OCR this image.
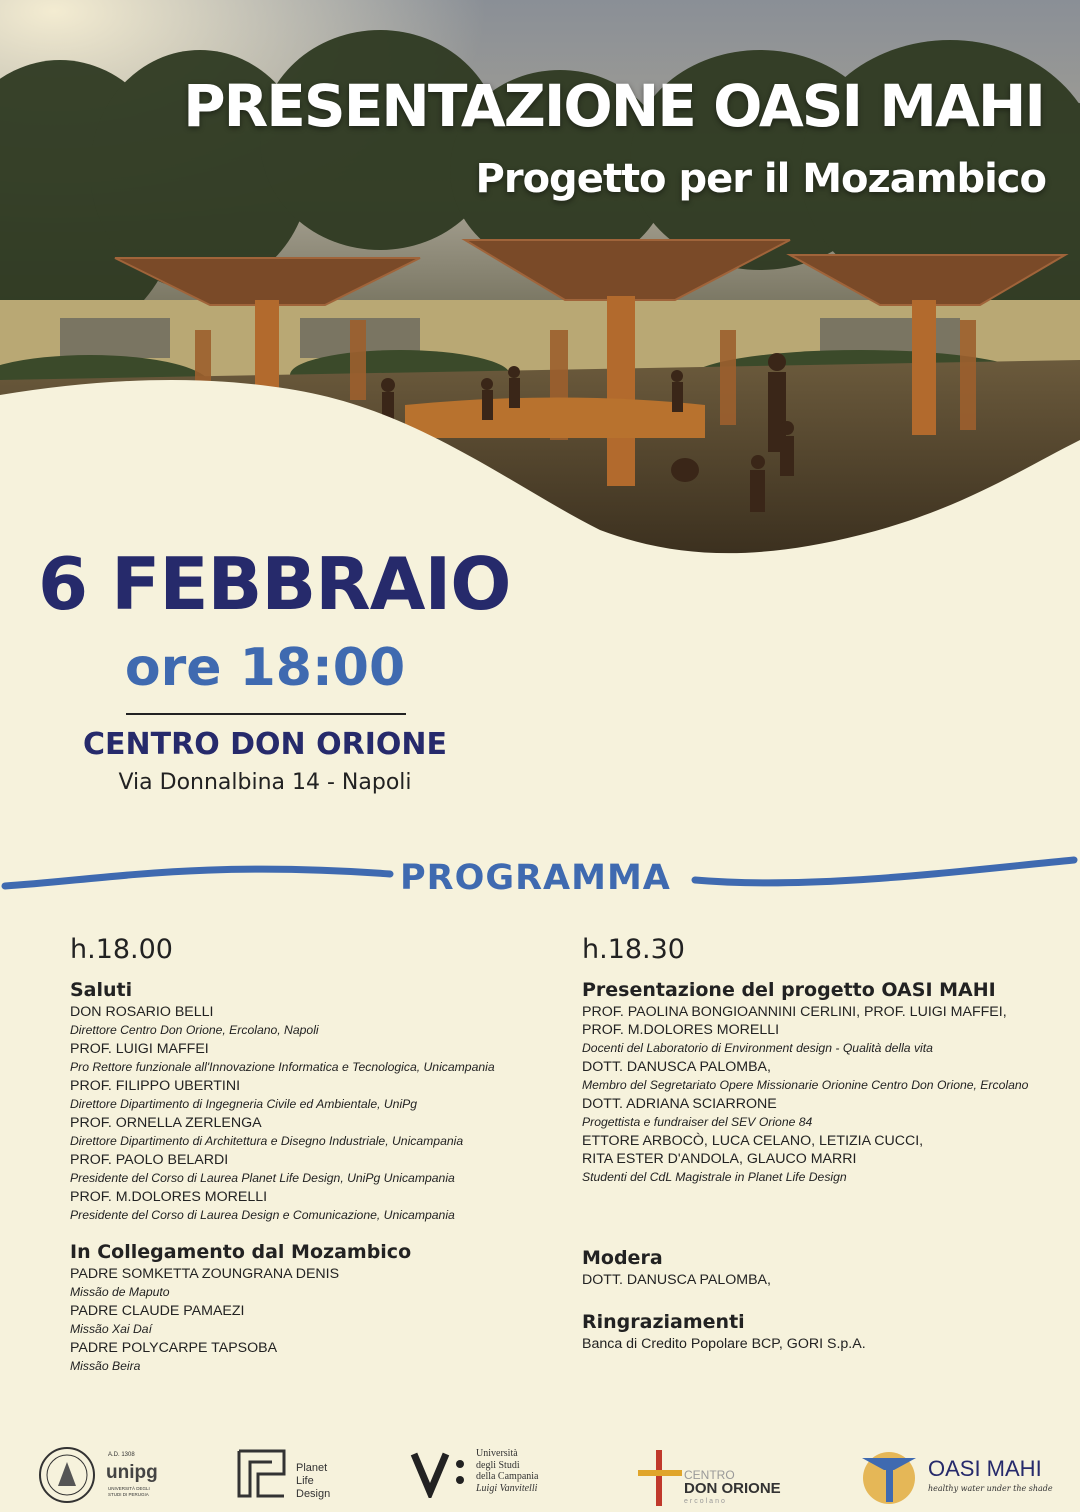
PRESENTAZIONE OASI MAHI
Progetto per il Mozambico
6 FEBBRAIO
ore 18:00
CENTRO DON ORIONE
Via Donnalbina 14 - Napoli
PROGRAMMA
h.18.00
Saluti
DON ROSARIO BELLI
Direttore Centro Don Orione, Ercolano, Napoli
PROF. LUIGI MAFFEI
Pro Rettore funzionale all'Innovazione Informatica e Tecnologica, Unicampania
PROF. FILIPPO UBERTINI
Direttore Dipartimento di Ingegneria Civile ed Ambientale, UniPg
PROF. ORNELLA ZERLENGA
Direttore Dipartimento di Architettura e Disegno Industriale, Unicampania
PROF. PAOLO BELARDI
Presidente del Corso di Laurea Planet Life Design, UniPg Unicampania
PROF. M.DOLORES MORELLI
Presidente del Corso di Laurea Design e Comunicazione, Unicampania
In Collegamento dal Mozambico
PADRE SOMKETTA ZOUNGRANA DENIS
Missão de Maputo
PADRE CLAUDE PAMAEZI
Missão Xai Daí
PADRE POLYCARPE TAPSOBA
Missão Beira
h.18.30
Presentazione del progetto OASI MAHI
PROF. PAOLINA BONGIOANNINI CERLINI, PROF. LUIGI MAFFEI,
PROF. M.DOLORES MORELLI
Docenti del Laboratorio di Environment design - Qualità della vita
DOTT. DANUSCA PALOMBA,
Membro del Segretariato Opere Missionarie Orionine Centro Don Orione, Ercolano
DOTT. ADRIANA SCIARRONE
Progettista e fundraiser del SEV Orione 84
ETTORE ARBOCÒ, LUCA CELANO, LETIZIA CUCCI,
RITA ESTER D'ANDOLA, GLAUCO MARRI
Studenti del CdL Magistrale in Planet Life Design
Modera
DOTT. DANUSCA PALOMBA,
Ringraziamenti
Banca di Credito Popolare BCP, GORI S.p.A.
A.D. 1308
unipg
UNIVERSITÀ DEGLI STUDI DI PERUGIA
Planet
Life
Design
Università
degli Studi
della Campania
Luigi Vanvitelli
CENTRO
DON ORIONE
ercolano
OASI MAHI
healthy water under the shade
